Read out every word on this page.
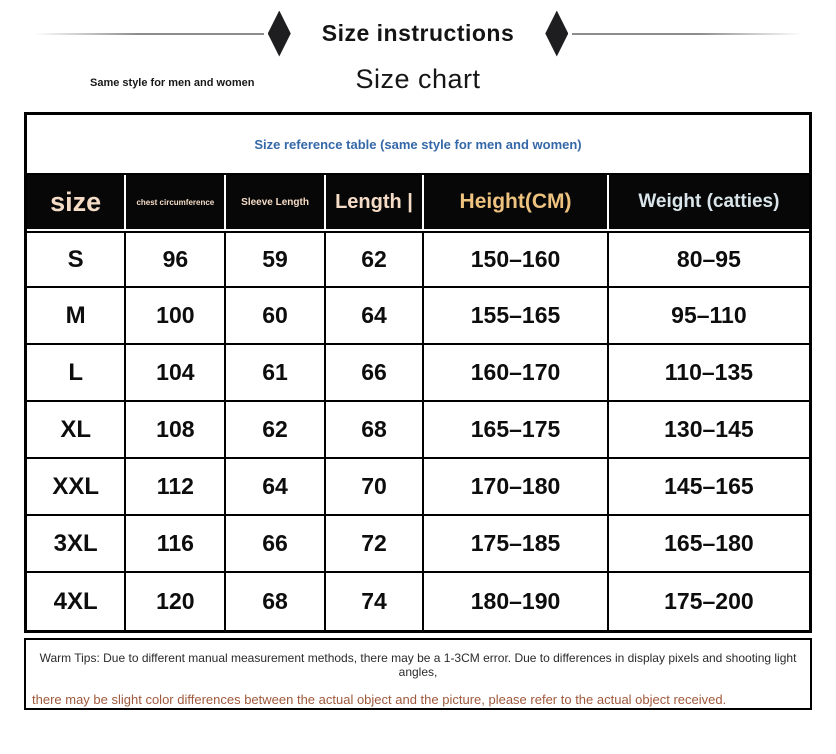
Size instructions
Same style for men and women	Size chart
Size reference table (same style for men and women)					
size	chest circumference	Sleeve Length	Length |	Height(CM)	Weight (catties)
S	96	59	62	150–160	80–95
M	100	60	64	155–165	95–110
L	104	61	66	160–170	110–135
XL	108	62	68	165–175	130–145
XXL	112	64	70	170–180	145–165
3XL	116	66	72	175–185	165–180
4XL	120	68	74	180–190	175–200
Warm Tips: Due to different manual measurement methods, there may be a 1-3CM error. Due to differences in display pixels and shooting light angles,
there may be slight color differences between the actual object and the picture, please refer to the actual object received.
